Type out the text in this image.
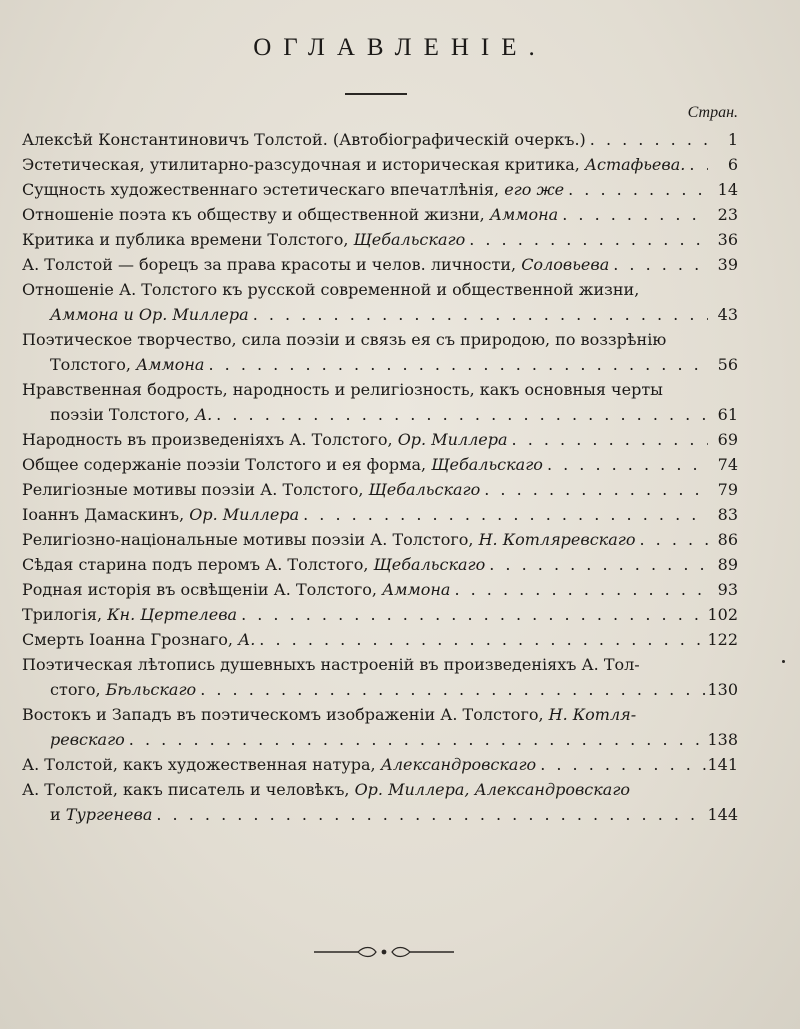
ОГЛАВЛЕНІЕ.
Стран.
Алексѣй Константиновичъ Толстой. (Автобіографическій очеркъ.) . . .	1
Эстетическая, утилитарно-разсудочная и историческая критика, Астафьева. . . .	6
Сущность художественнаго эстетическаго впечатлѣнія, его же . . .	14
Отношеніе поэта къ обществу и общественной жизни, Аммона . . .	23
Критика и публика времени Толстого, Щебальскаго . . .	36
А. Толстой — борецъ за права красоты и челов. личности, Соловьева . . .	39
Отношеніе А. Толстого къ русской современной и общественной жизни,
Аммона и Ор. Миллера . . .	43
Поэтическое творчество, сила поэзіи и связь ея съ природою, по воззрѣнію
Толстого, Аммона . . .	56
Нравственная бодрость, народность и религіозность, какъ основныя черты
поэзіи Толстого, А. . . .	61
Народность въ произведеніяхъ А. Толстого, Ор. Миллера . . .	69
Общее содержаніе поэзіи Толстого и ея форма, Щебальскаго . . .	74
Религіозные мотивы поэзіи А. Толстого, Щебальскаго . . .	79
Іоаннъ Дамаскинъ, Ор. Миллера . . .	83
Религіозно-національные мотивы поэзіи А. Толстого, Н. Котляревскаго . . .	86
Сѣдая старина подъ перомъ А. Толстого, Щебальскаго . . .	89
Родная исторія въ освѣщеніи А. Толстого, Аммона . . .	93
Трилогія, Кн. Цертелева . . .	102
Смерть Іоанна Грознаго, А. . . .	122
Поэтическая лѣтопись душевныхъ настроеній въ произведеніяхъ А. Тол-
стого, Бѣльскаго . . .	130
Востокъ и Западъ въ поэтическомъ изображеніи А. Толстого, Н. Котля-
ревскаго . . .	138
А. Толстой, какъ художественная натура, Александровскаго . . .	141
А. Толстой, какъ писатель и человѣкъ, Ор. Миллера, Александровскаго
и Тургенева . . .	144
